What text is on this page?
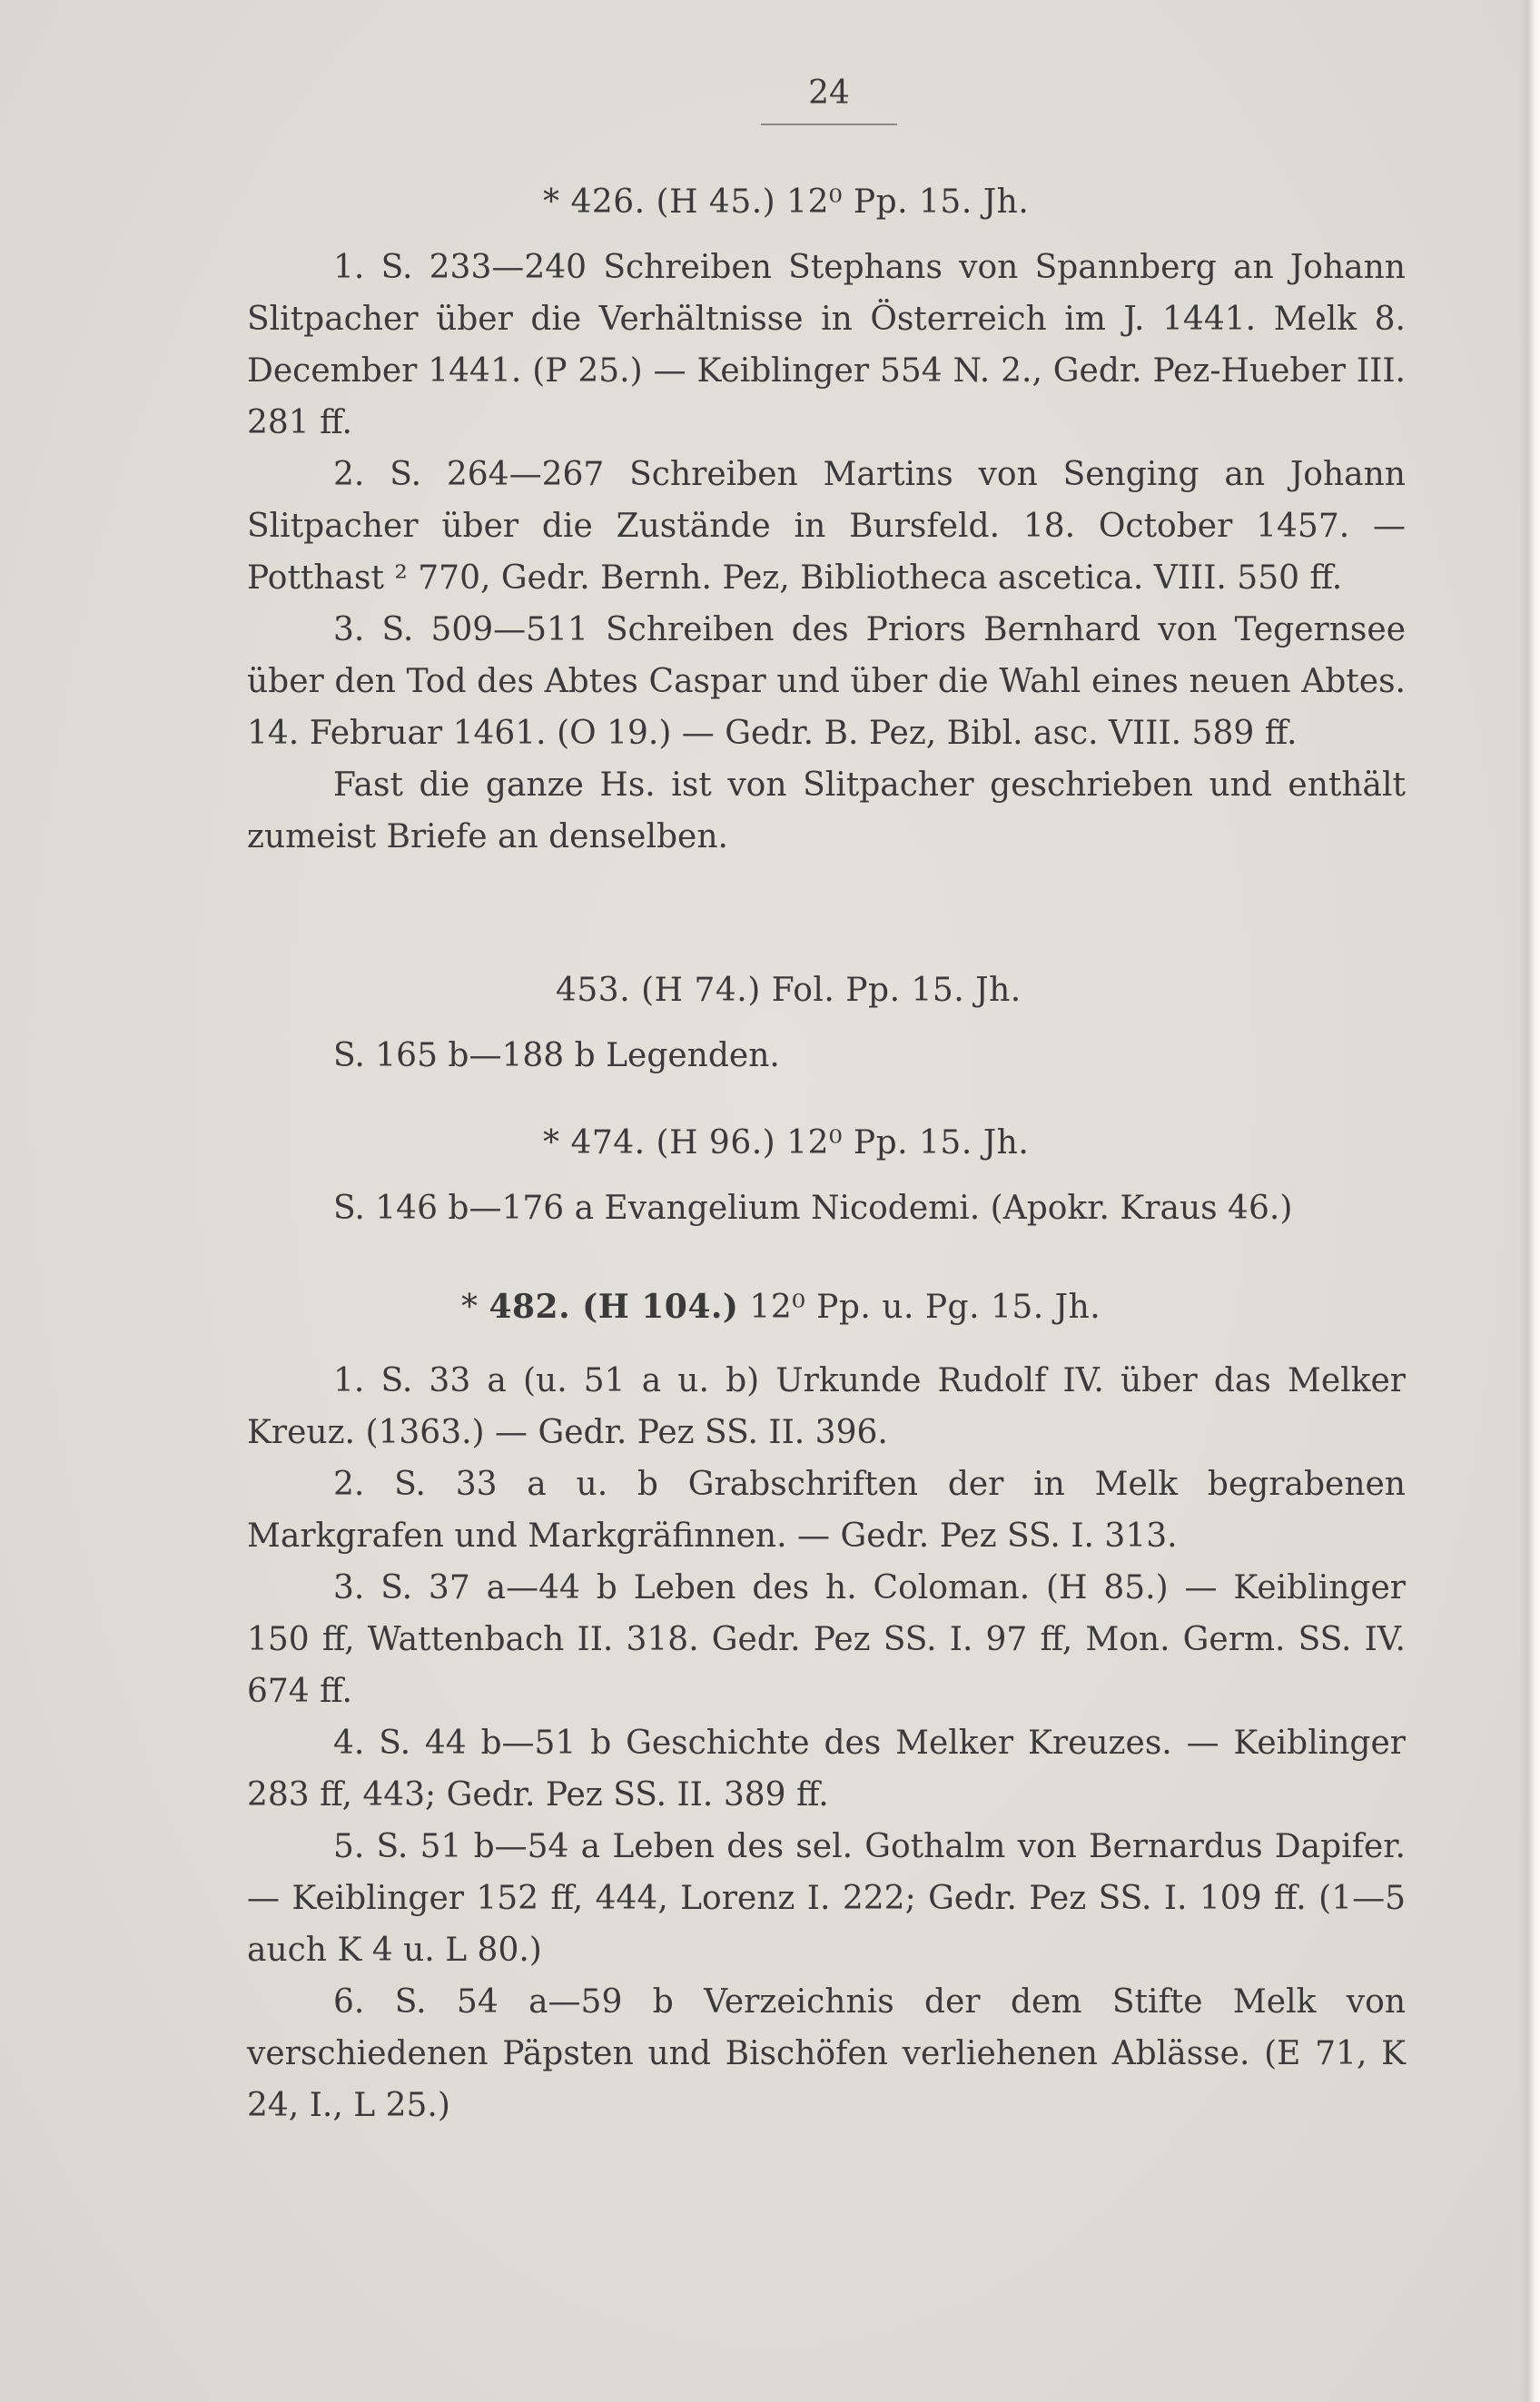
24
* 426. (H 45.) 12⁰ Pp. 15. Jh.

1. S. 233—240 Schreiben Stephans von Spannberg an Johann Slitpacher über die Verhältnisse in Österreich im J. 1441. Melk 8. December 1441. (P 25.) — Keiblinger 554 N. 2., Gedr. Pez-Hueber III. 281 ff.

2. S. 264—267 Schreiben Martins von Senging an Johann Slitpacher über die Zustände in Bursfeld. 18. October 1457. — Potthast ² 770, Gedr. Bernh. Pez, Bibliotheca ascetica. VIII. 550 ff.

3. S. 509—511 Schreiben des Priors Bernhard von Tegernsee über den Tod des Abtes Caspar und über die Wahl eines neuen Abtes. 14. Februar 1461. (O 19.) — Gedr. B. Pez, Bibl. asc. VIII. 589 ff.

Fast die ganze Hs. ist von Slitpacher geschrieben und enthält zumeist Briefe an denselben.

453. (H 74.) Fol. Pp. 15. Jh.

S. 165 b—188 b Legenden.

* 474. (H 96.) 12⁰ Pp. 15. Jh.

S. 146 b—176 a Evangelium Nicodemi. (Apokr. Kraus 46.)

* 482. (H 104.) 12⁰ Pp. u. Pg. 15. Jh.

1. S. 33 a (u. 51 a u. b) Urkunde Rudolf IV. über das Melker Kreuz. (1363.) — Gedr. Pez SS. II. 396.

2. S. 33 a u. b Grabschriften der in Melk begrabenen Markgrafen und Markgräfinnen. — Gedr. Pez SS. I. 313.

3. S. 37 a—44 b Leben des h. Coloman. (H 85.) — Keiblinger 150 ff, Wattenbach II. 318. Gedr. Pez SS. I. 97 ff, Mon. Germ. SS. IV. 674 ff.

4. S. 44 b—51 b Geschichte des Melker Kreuzes. — Keiblinger 283 ff, 443; Gedr. Pez SS. II. 389 ff.

5. S. 51 b—54 a Leben des sel. Gothalm von Bernardus Dapifer. — Keiblinger 152 ff, 444, Lorenz I. 222; Gedr. Pez SS. I. 109 ff. (1—5 auch K 4 u. L 80.)

6. S. 54 a—59 b Verzeichnis der dem Stifte Melk von verschiedenen Päpsten und Bischöfen verliehenen Ablässe. (E 71, K 24, I., L 25.)
